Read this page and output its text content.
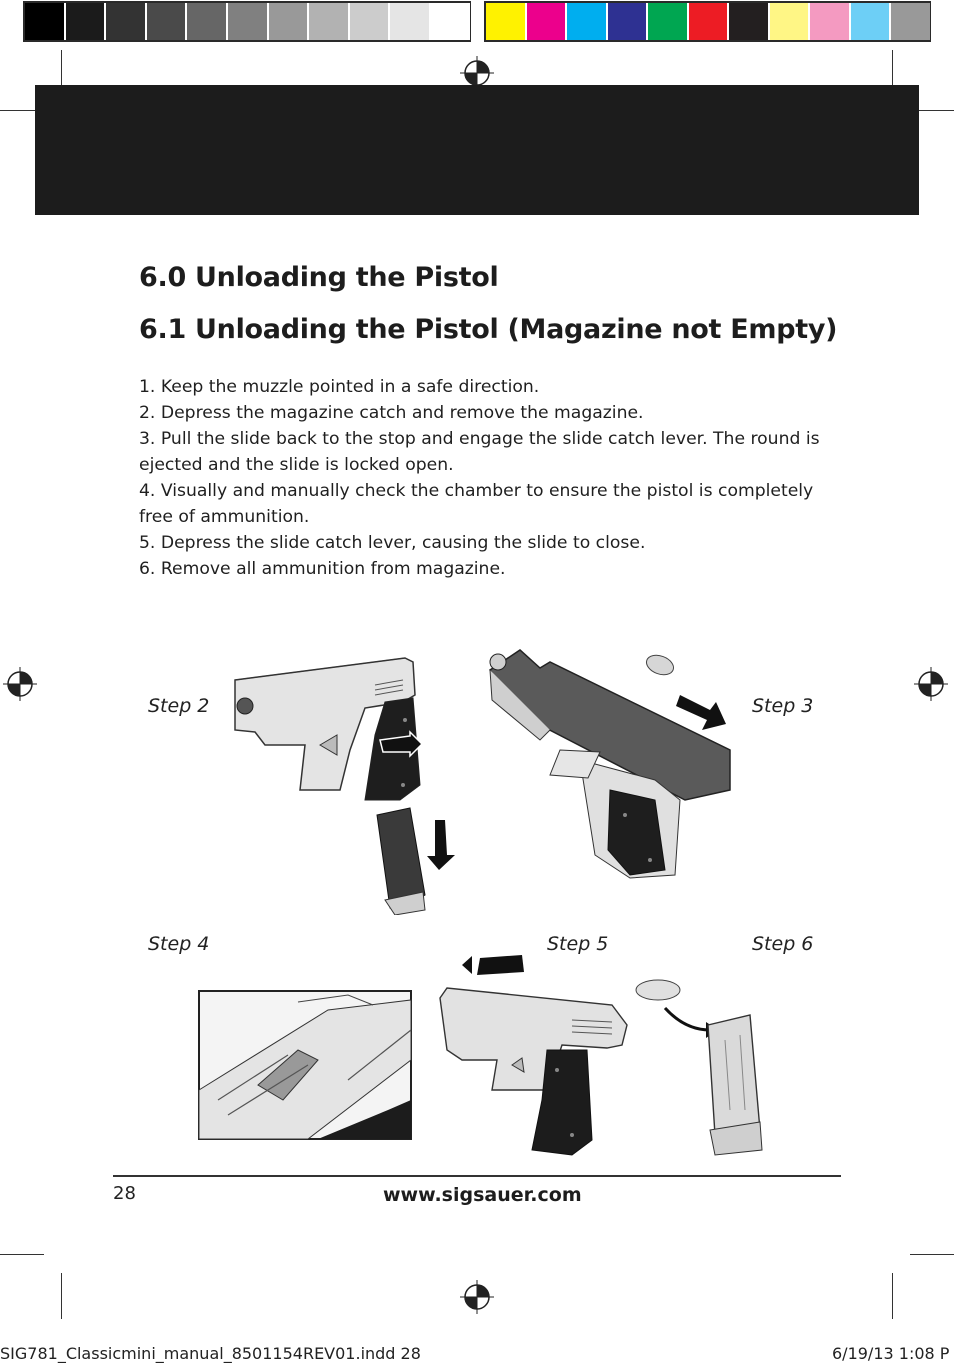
6.0 Unloading the Pistol
6.1 Unloading the Pistol (Magazine not Empty)

1. Keep the muzzle pointed in a safe direction.

2. Depress the magazine catch and remove the magazine.

3. Pull the slide back to the stop and engage the slide catch lever. The round is ejected and the slide is locked open.

4. Visually and manually check the chamber to ensure the pistol is completely free of ammunition.

5. Depress the slide catch lever, causing the slide to close.

6. Remove all ammunition from magazine.

Step 2	Step 3
Step 4	Step 5	Step 6
28	www.sigsauer.com
SIG781_Classicmini_manual_8501154REV01.indd 28	6/19/13 1:08 P
